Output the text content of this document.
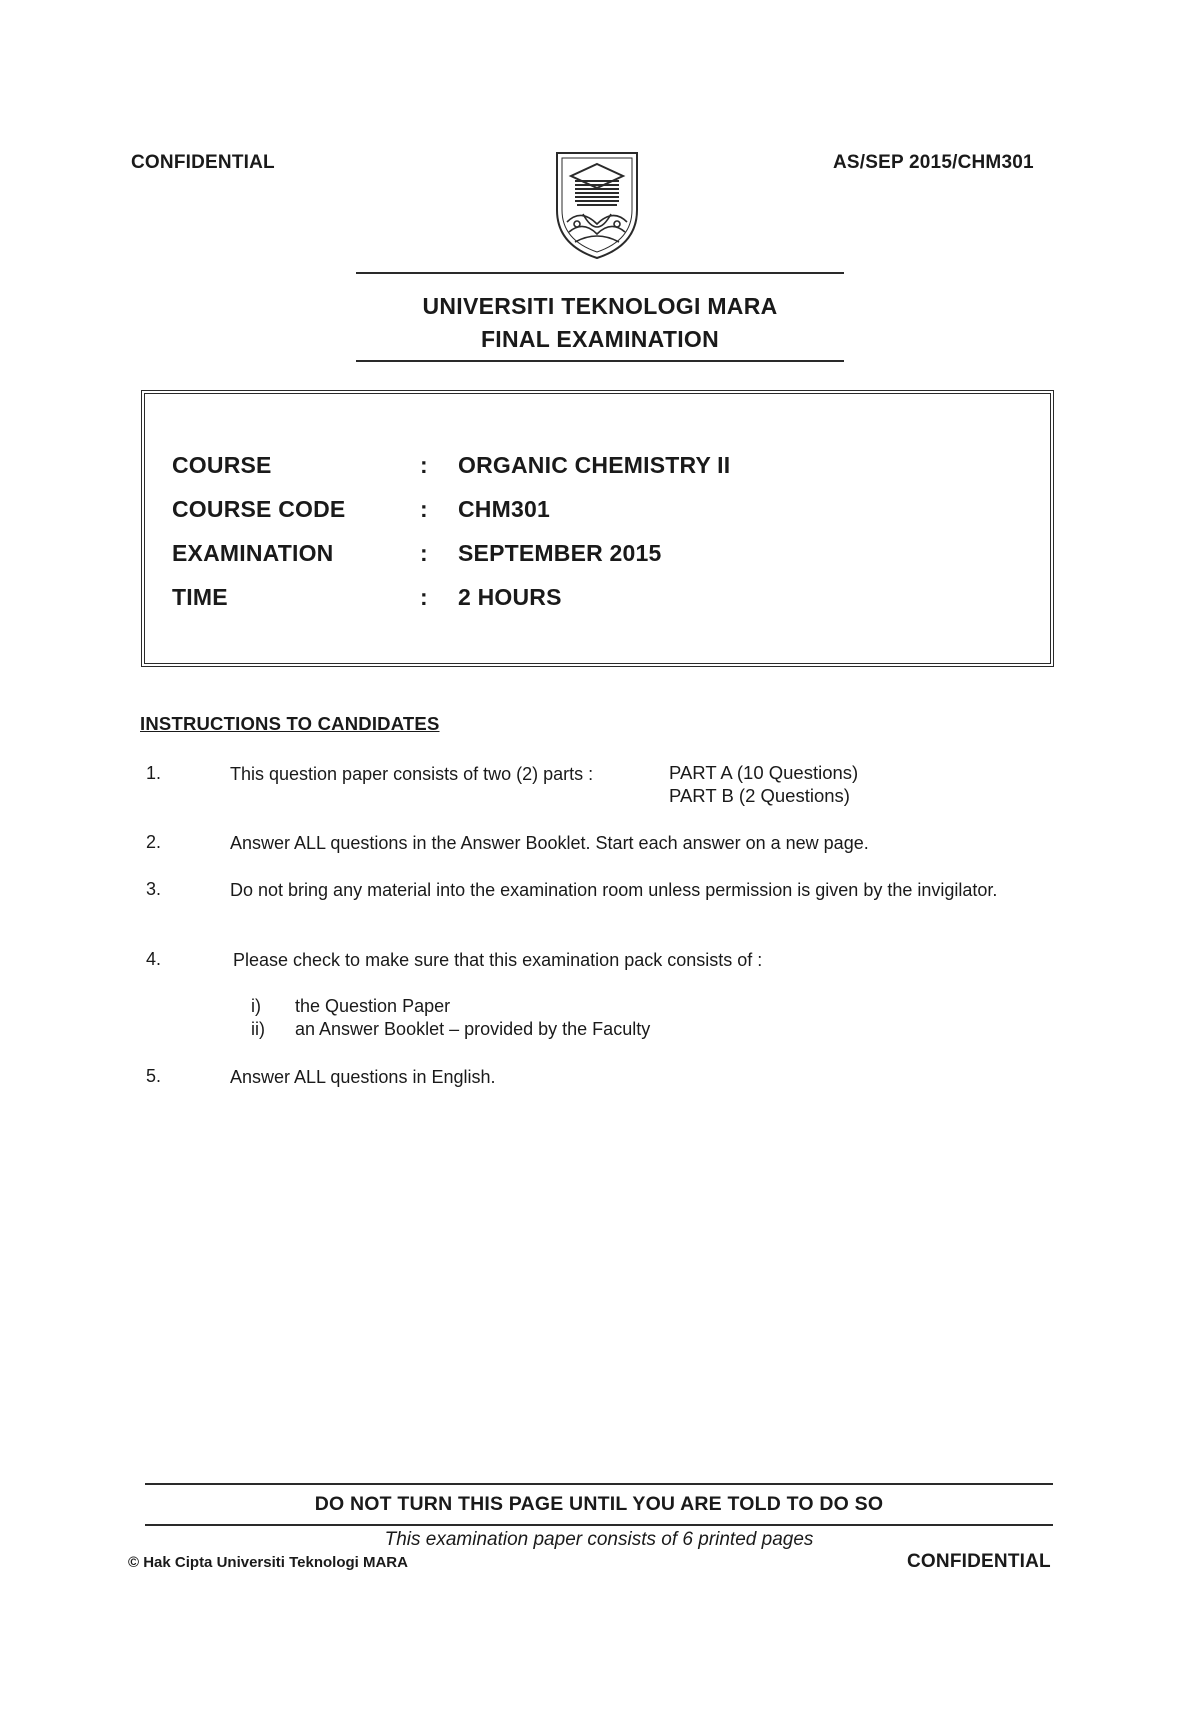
CONFIDENTIAL	AS/SEP 2015/CHM301
UNIVERSITI TEKNOLOGI MARA
FINAL EXAMINATION
COURSE	: ORGANIC CHEMISTRY II
COURSE CODE	: CHM301
EXAMINATION	: SEPTEMBER 2015
TIME	: 2 HOURS
INSTRUCTIONS TO CANDIDATES
1.	This question paper consists of two (2) parts :	PART A (10 Questions)
PART B (2 Questions)
2.	Answer ALL questions in the Answer Booklet. Start each answer on a new page.
3.	Do not bring any material into the examination room unless permission is given by the invigilator.
4.	Please check to make sure that this examination pack consists of :
i) the Question Paper
ii) an Answer Booklet – provided by the Faculty
5.	Answer ALL questions in English.
DO NOT TURN THIS PAGE UNTIL YOU ARE TOLD TO DO SO
This examination paper consists of 6 printed pages
© Hak Cipta Universiti Teknologi MARA	CONFIDENTIAL
